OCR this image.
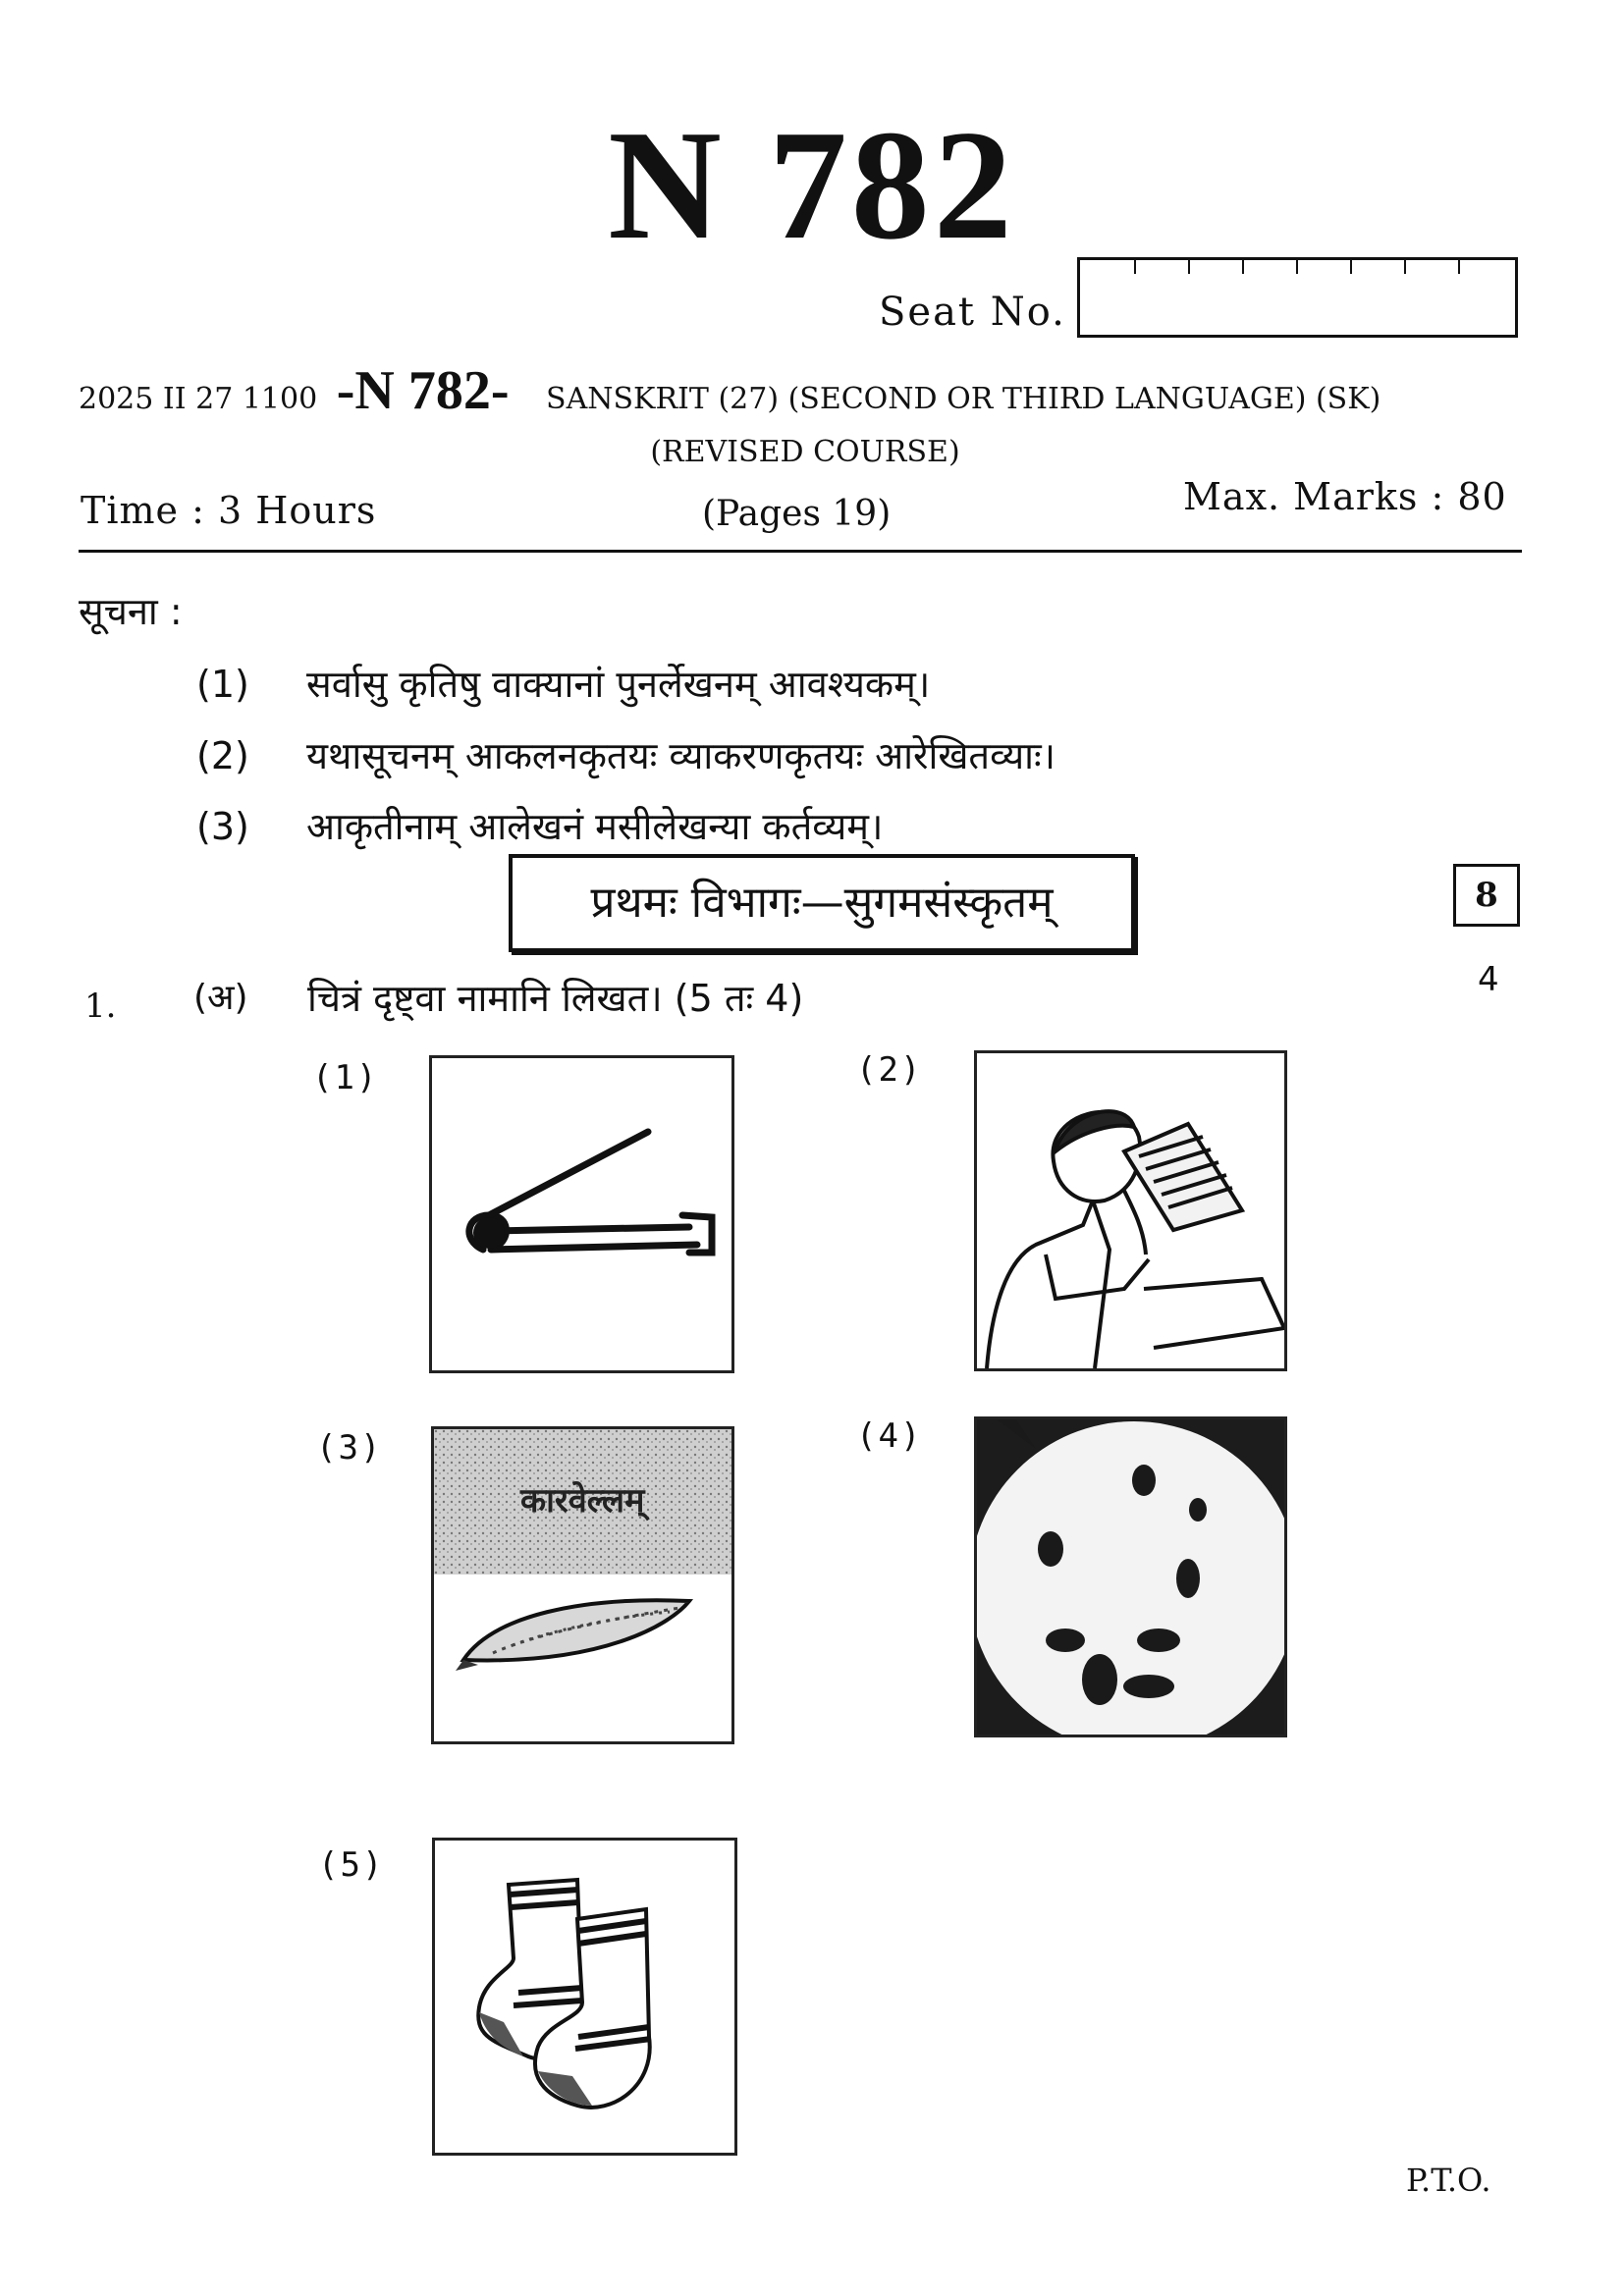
N 782
Seat No.
2025 II 27 1100 -N 782- SANSKRIT (27) (SECOND OR THIRD LANGUAGE) (SK)
(REVISED COURSE)
Time : 3 Hours	(Pages 19)	Max. Marks : 80
सूचना :
(1) सर्वासु कृतिषु वाक्यानां पुनर्लेखनम् आवश्यकम्।
(2) यथासूचनम् आकलनकृतयः व्याकरणकृतयः आरेखितव्याः।
(3) आकृतीनाम् आलेखनं मसीलेखन्या कर्तव्यम्।
प्रथमः विभागः—सुगमसंस्कृतम्	8
4
1. (अ) चित्रं दृष्ट्वा नामानि लिखत। (5 तः 4)
(1)	(2)
(3)
कारवेल्लम्
(4)
(5)
P.T.O.
